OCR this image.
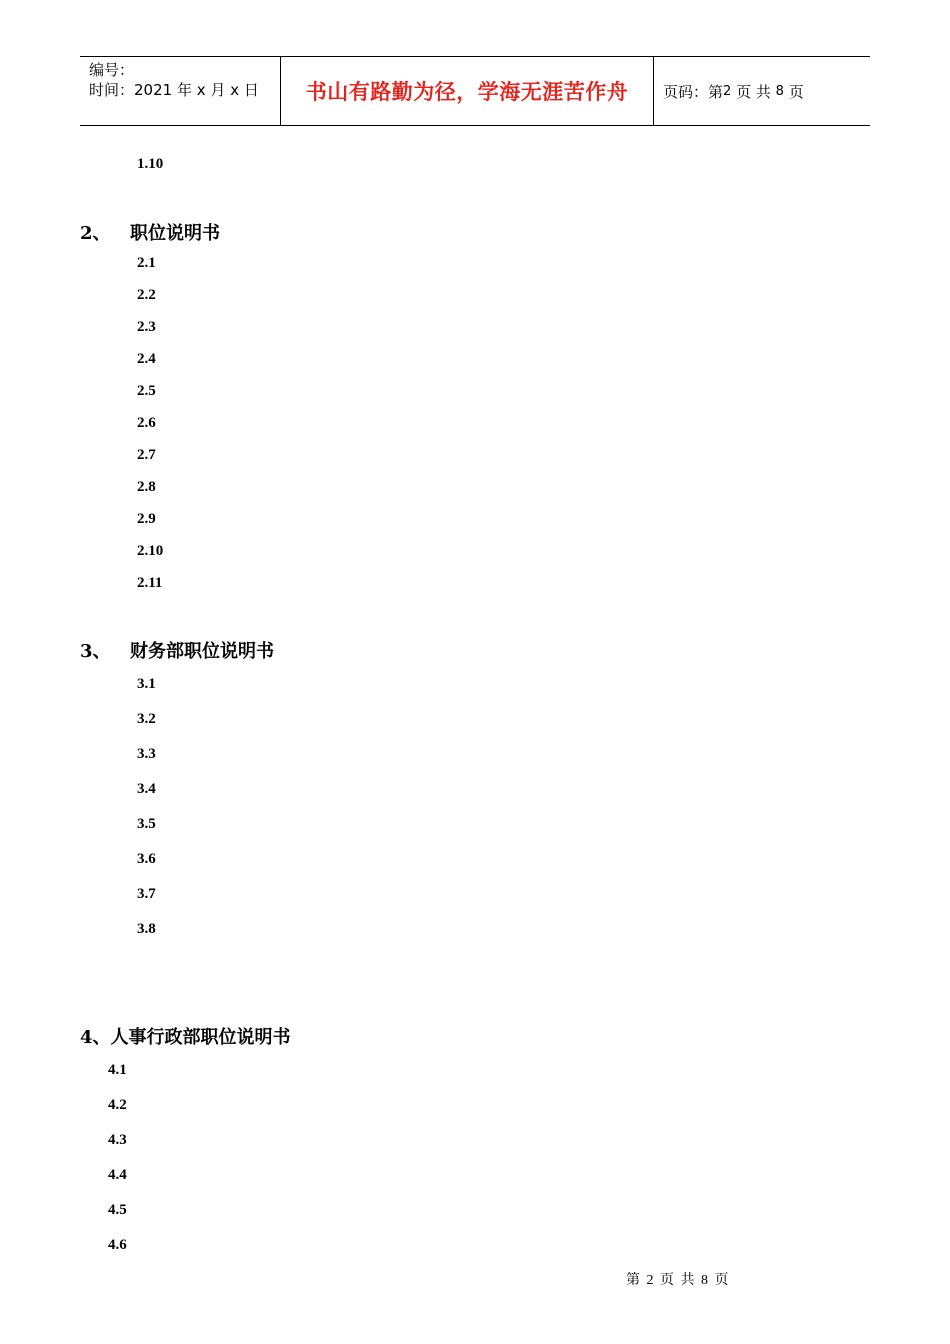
编号：
时间：2021 年 x 月 x 日	书山有路勤为径，学海无涯苦作舟	页码：第 2
页 共
8
页
1.10
2、 职位说明书
2.1
2.2
2.3
2.4
2.5
2.6
2.7
2.8
2.9
2.10
2.11
3、 财务部职位说明书
3.1
3.2
3.3
3.4
3.5
3.6
3.7
3.8
4、人事行政部职位说明书
4.1
4.2
4.3
4.4
4.5
4.6
第 2 页 共 8 页
